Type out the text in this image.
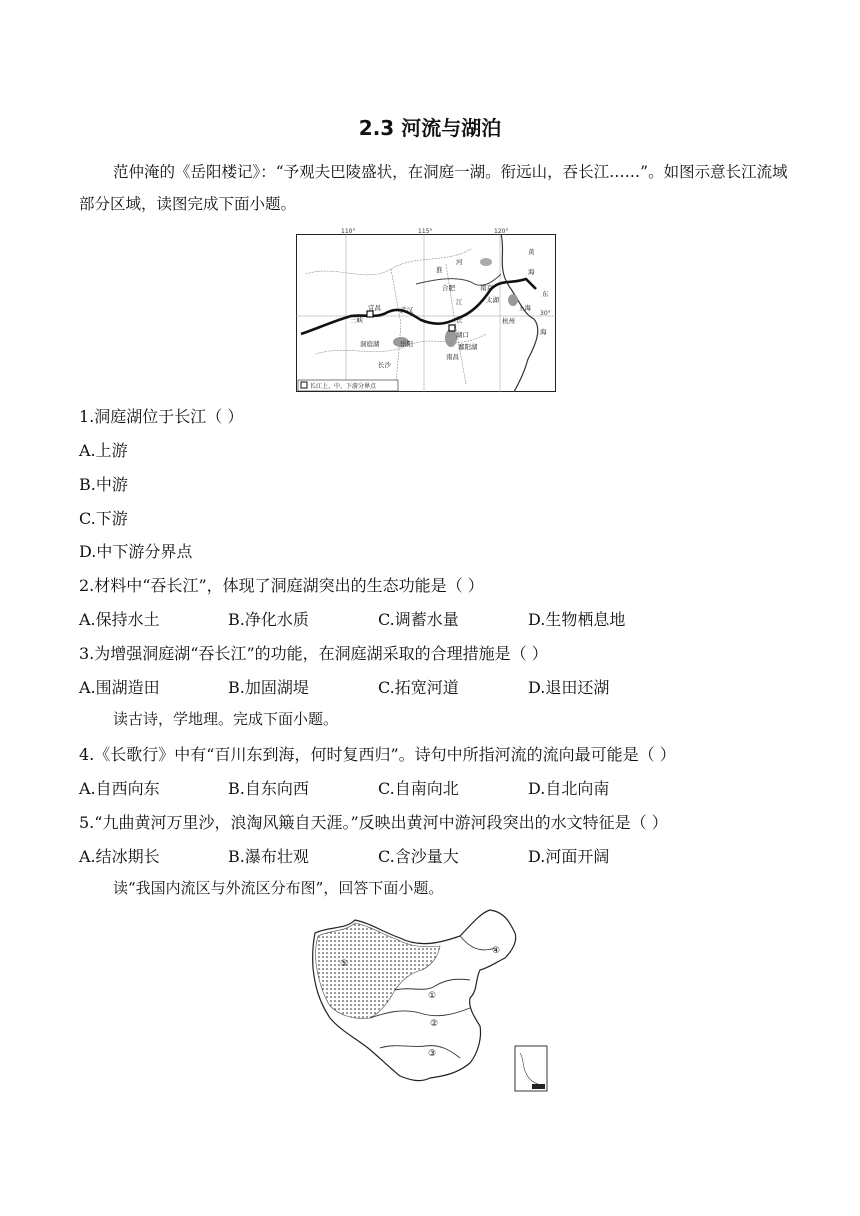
2.3 河流与湖泊
范仲淹的《岳阳楼记》：“予观夫巴陵盛状，在洞庭一湖。衔远山，吞长江……”。如图示意长江流域部分区域，读图完成下面小题。
110°	115°	120°
30°
黄
海
东
海
淮
河
江
长
合肥	南京
太湖
上海
杭州
宜昌
三峡
武汉
湖口
鄱阳湖
洞庭湖	岳阳
长沙
南昌
长江上、中、下游分界点
1.洞庭湖位于长江（ ）
A.上游
B.中游
C.下游
D.中下游分界点
2.材料中“吞长江”，体现了洞庭湖突出的生态功能是（ ）
A.保持水土	B.净化水质	C.调蓄水量	D.生物栖息地
3.为增强洞庭湖“吞长江”的功能，在洞庭湖采取的合理措施是（ ）
A.围湖造田	B.加固湖堤	C.拓宽河道	D.退田还湖
读古诗，学地理。完成下面小题。
4.《长歌行》中有“百川东到海，何时复西归”。诗句中所指河流的流向最可能是（ ）
A.自西向东	B.自东向西	C.自南向北	D.自北向南
5.“九曲黄河万里沙，浪淘风簸自天涯。”反映出黄河中游河段突出的水文特征是（ ）
A.结冰期长	B.瀑布壮观	C.含沙量大	D.河面开阔
读“我国内流区与外流区分布图”，回答下面小题。
①
②
③
④
⑤
